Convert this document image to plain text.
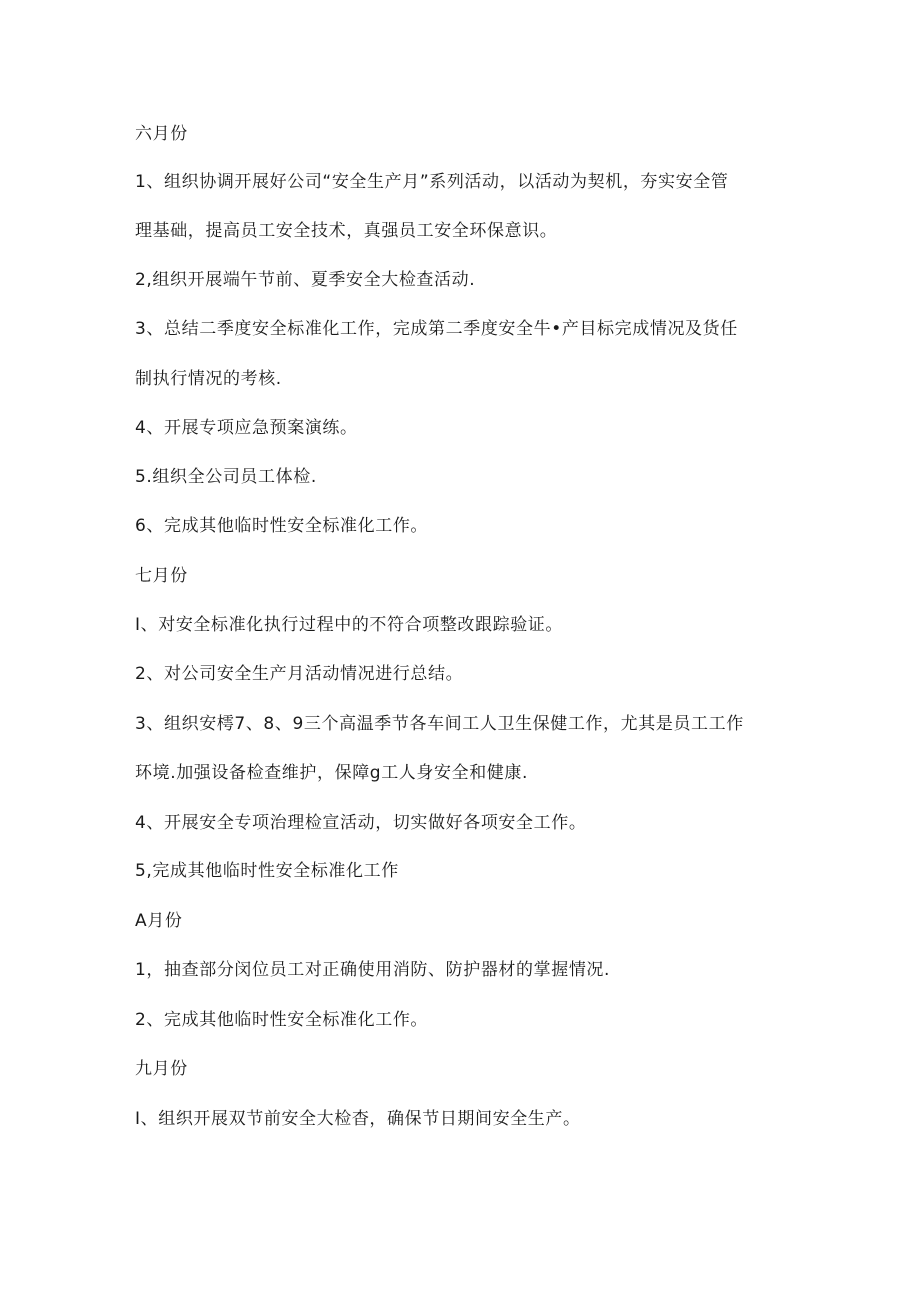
六月份
1、组织协调开展好公司“安全生产月”系列活动，以活动为契机，夯实安全管
理基础，提高员工安全技术，真强员工安全环保意识。
2,组织开展端午节前、夏季安全大检查活动.
3、总结二季度安全标准化工作，完成第二季度安全牛•产目标完成情况及货任
制执行情况的考核.
4、开展专项应急预案演练。
5.组织全公司员工体检.
6、完成其他临时性安全标准化工作。
七月份
I、对安全标准化执行过程中的不符合项整改跟踪验证。
2、对公司安全生产月活动情况进行总结。
3、组织安樗7、8、9三个高温季节各车间工人卫生保健工作，尤其是员工工作
环境.加强设备检查维护，保障g工人身安全和健康.
4、开展安全专项治理检宣活动，切实做好各项安全工作。
5,完成其他临时性安全标准化工作
A月份
1，抽查部分闵位员工对正确使用消防、防护器材的掌握情况.
2、完成其他临时性安全标准化工作。
九月份
I、组织开展双节前安全大检杳，确保节日期间安全生产。
